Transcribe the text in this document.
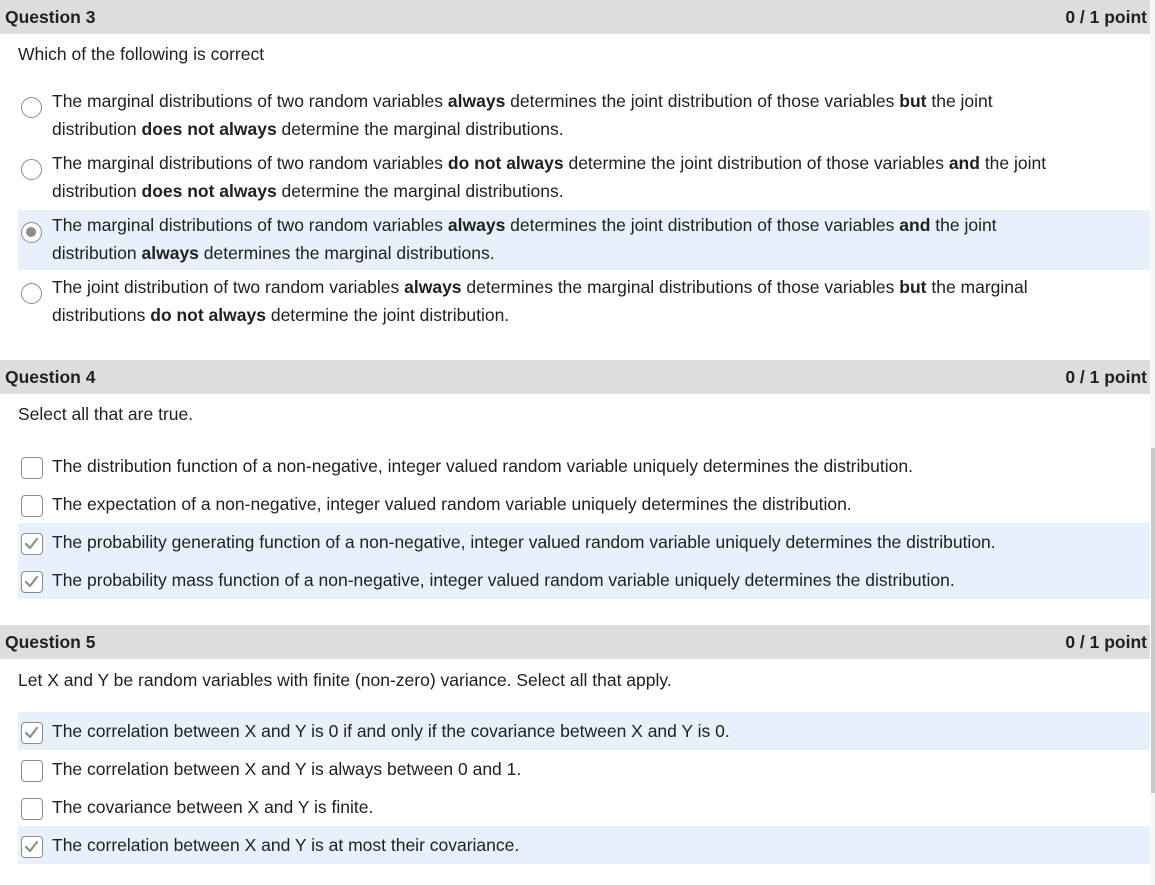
Question 3	0 / 1 point
Which of the following is correct
The marginal distributions of two random variables always determines the joint distribution of those variables but the joint
distribution does not always determine the marginal distributions.
The marginal distributions of two random variables do not always determine the joint distribution of those variables and the joint
distribution does not always determine the marginal distributions.
The marginal distributions of two random variables always determines the joint distribution of those variables and the joint
distribution always determines the marginal distributions.
The joint distribution of two random variables always determines the marginal distributions of those variables but the marginal
distributions do not always determine the joint distribution.
Question 4	0 / 1 point
Select all that are true.
The distribution function of a non-negative, integer valued random variable uniquely determines the distribution.
The expectation of a non-negative, integer valued random variable uniquely determines the distribution.
The probability generating function of a non-negative, integer valued random variable uniquely determines the distribution.
The probability mass function of a non-negative, integer valued random variable uniquely determines the distribution.
Question 5	0 / 1 point
Let X and Y be random variables with finite (non-zero) variance. Select all that apply.
The correlation between X and Y is 0 if and only if the covariance between X and Y is 0.
The correlation between X and Y is always between 0 and 1.
The covariance between X and Y is finite.
The correlation between X and Y is at most their covariance.
